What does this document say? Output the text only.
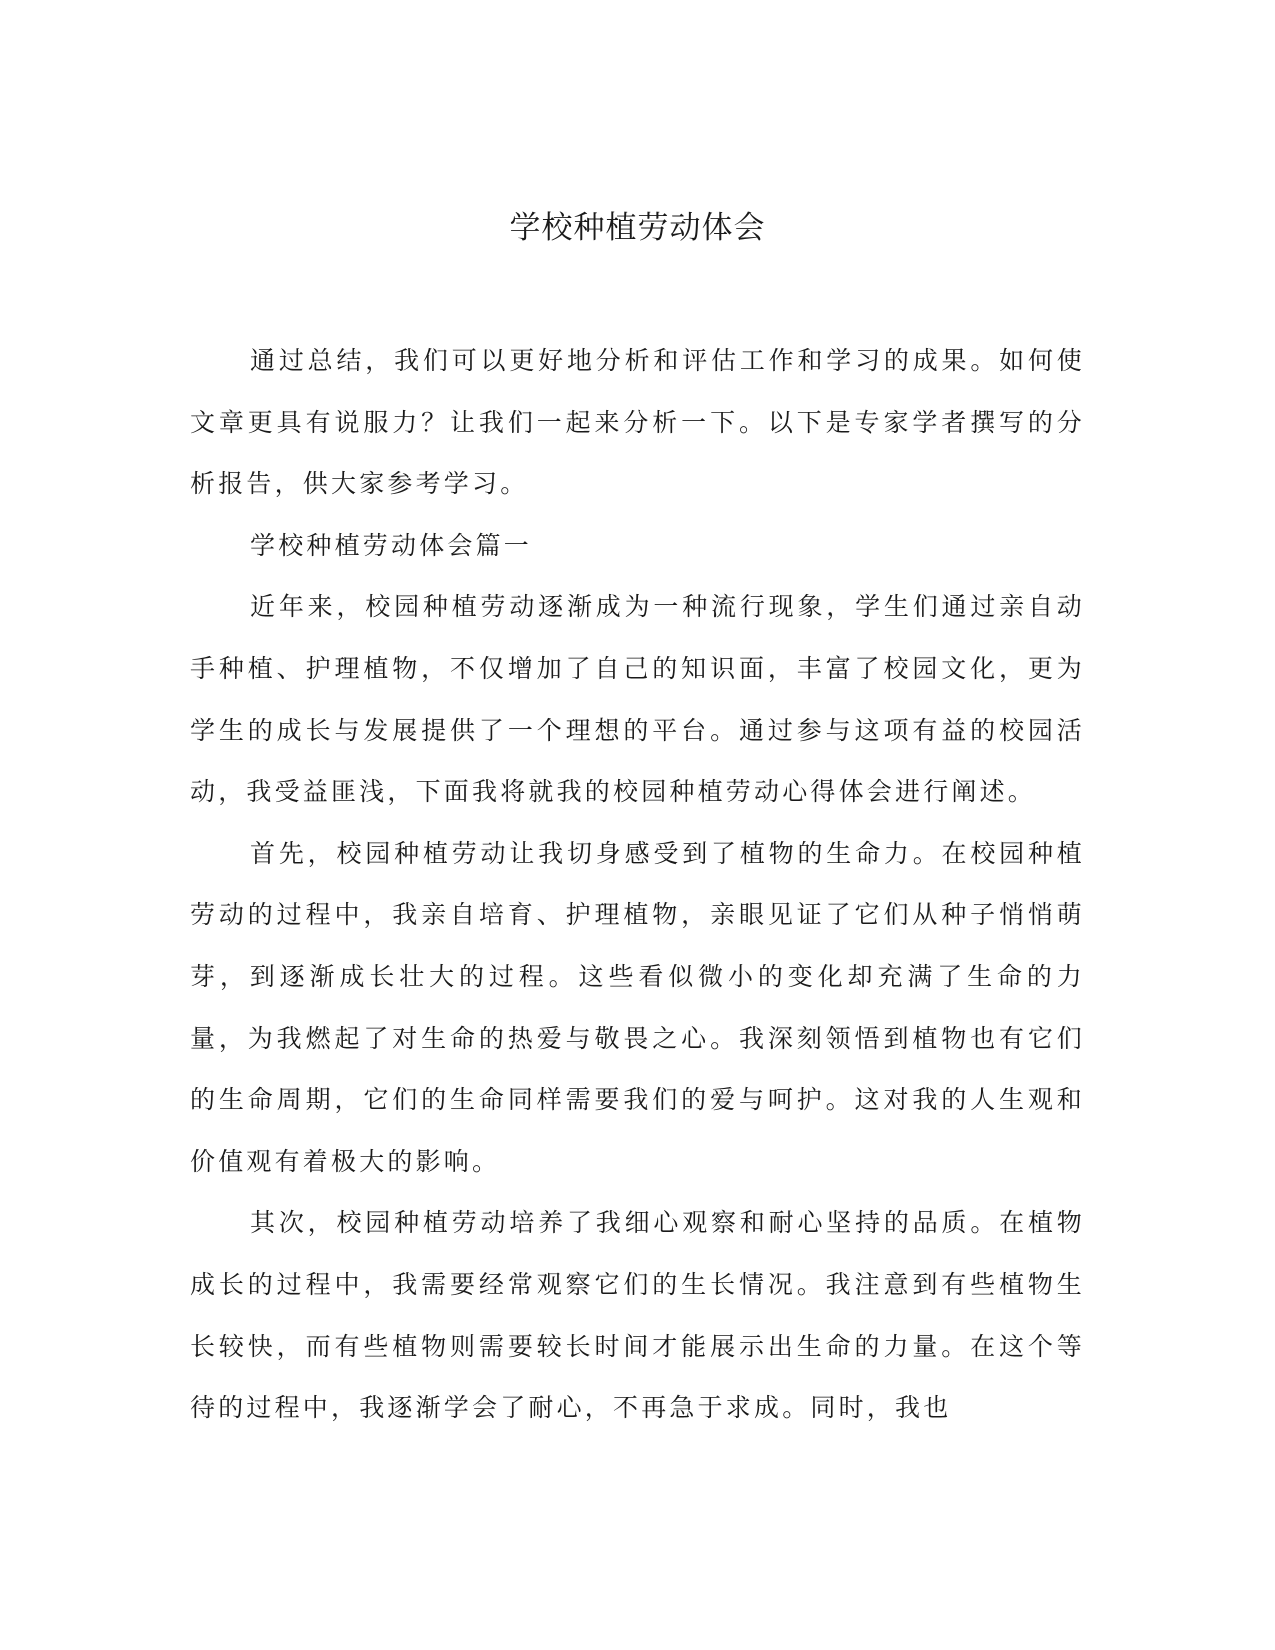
学校种植劳动体会

通过总结，我们可以更好地分析和评估工作和学习的成果。如何使文章更具有说服力？让我们一起来分析一下。以下是专家学者撰写的分析报告，供大家参考学习。

学校种植劳动体会篇一

近年来，校园种植劳动逐渐成为一种流行现象，学生们通过亲自动手种植、护理植物，不仅增加了自己的知识面，丰富了校园文化，更为学生的成长与发展提供了一个理想的平台。通过参与这项有益的校园活动，我受益匪浅，下面我将就我的校园种植劳动心得体会进行阐述。

首先，校园种植劳动让我切身感受到了植物的生命力。在校园种植劳动的过程中，我亲自培育、护理植物，亲眼见证了它们从种子悄悄萌芽，到逐渐成长壮大的过程。这些看似微小的变化却充满了生命的力量，为我燃起了对生命的热爱与敬畏之心。我深刻领悟到植物也有它们的生命周期，它们的生命同样需要我们的爱与呵护。这对我的人生观和价值观有着极大的影响。

其次，校园种植劳动培养了我细心观察和耐心坚持的品质。在植物成长的过程中，我需要经常观察它们的生长情况。我注意到有些植物生长较快，而有些植物则需要较长时间才能展示出生命的力量。在这个等待的过程中，我逐渐学会了耐心，不再急于求成。同时，我也
